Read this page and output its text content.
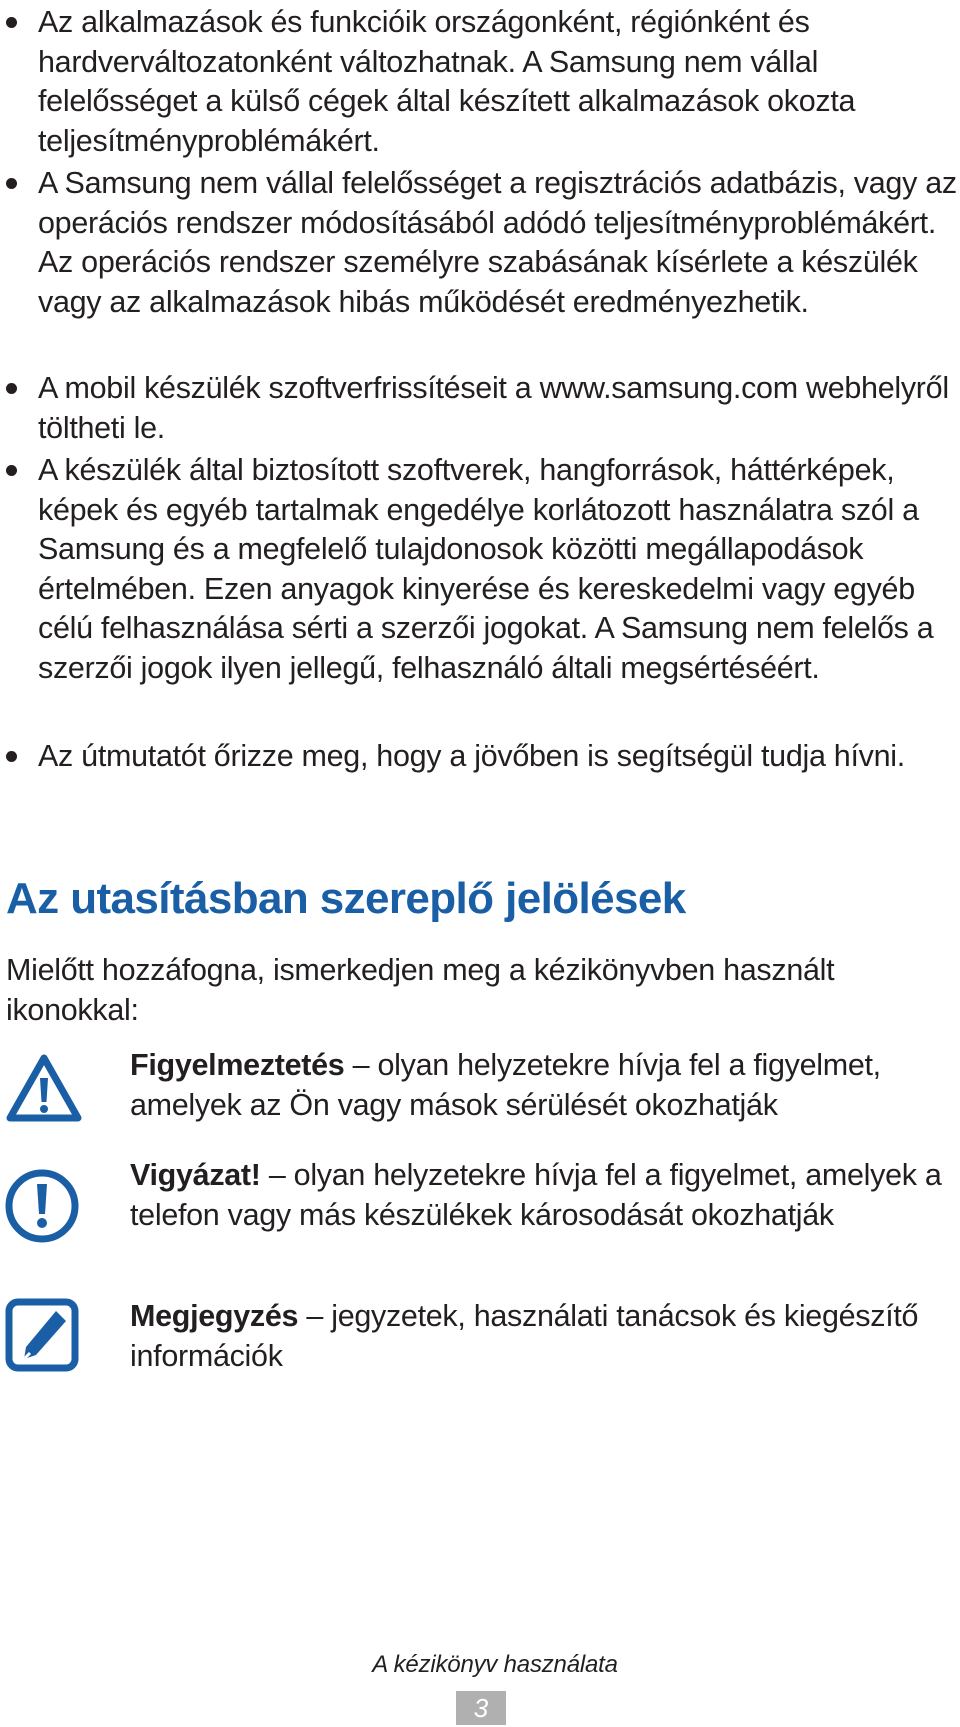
Az alkalmazások és funkcióik országonként, régiónként és hardverváltozatonként változhatnak. A Samsung nem vállal felelősséget a külső cégek által készített alkalmazások okozta teljesítményproblémákért.
A Samsung nem vállal felelősséget a regisztrációs adatbázis, vagy az operációs rendszer módosításából adódó teljesítményproblémákért. Az operációs rendszer személyre szabásának kísérlete a készülék vagy az alkalmazások hibás működését eredményezhetik.
A mobil készülék szoftverfrissítéseit a www.samsung.com webhelyről töltheti le.
A készülék által biztosított szoftverek, hangforrások, háttérképek, képek és egyéb tartalmak engedélye korlátozott használatra szól a Samsung és a megfelelő tulajdonosok közötti megállapodások értelmében. Ezen anyagok kinyerése és kereskedelmi vagy egyéb célú felhasználása sérti a szerzői jogokat. A Samsung nem felelős a szerzői jogok ilyen jellegű, felhasználó általi megsértéséért.
Az útmutatót őrizze meg, hogy a jövőben is segítségül tudja hívni.
Az utasításban szereplő jelölések
Mielőtt hozzáfogna, ismerkedjen meg a kézikönyvben használt ikonokkal:
Figyelmeztetés – olyan helyzetekre hívja fel a figyelmet, amelyek az Ön vagy mások sérülését okozhatják
Vigyázat! – olyan helyzetekre hívja fel a figyelmet, amelyek a telefon vagy más készülékek károsodását okozhatják
Megjegyzés – jegyzetek, használati tanácsok és kiegészítő információk
A kézikönyv használata
3
